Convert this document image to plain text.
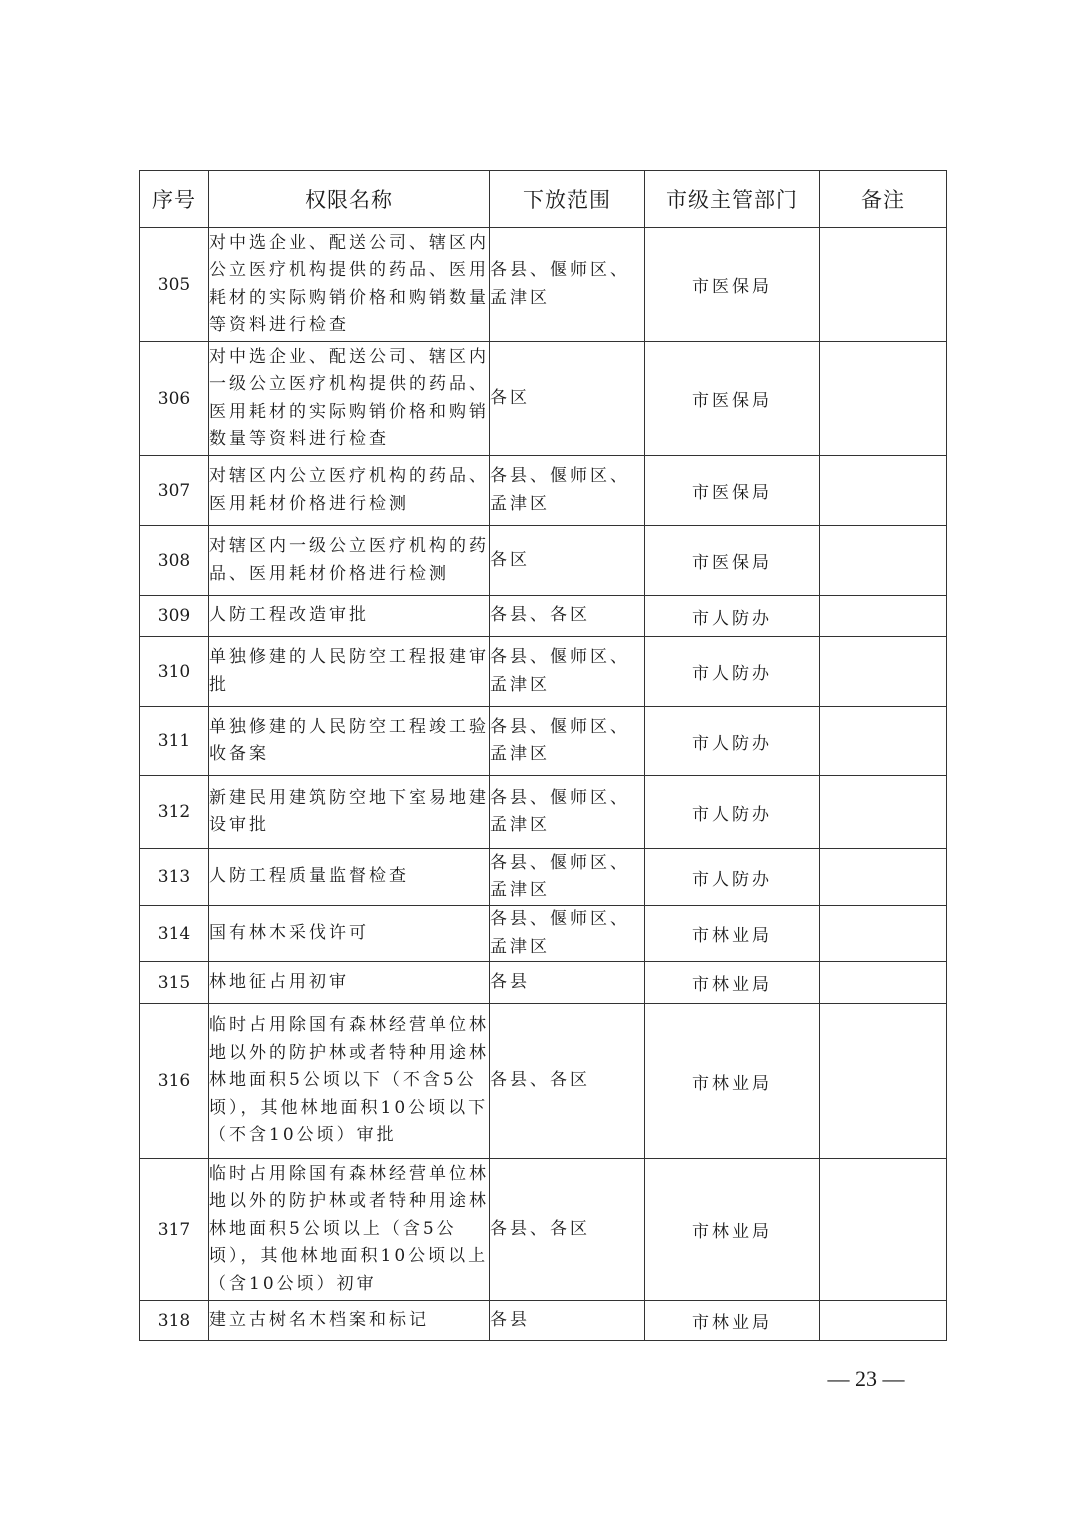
序号	权限名称	下放范围	市级主管部门	备注
305	对中选企业、配送公司、辖区内公立医疗机构提供的药品、医用耗材的实际购销价格和购销数量等资料进行检查	各县、偃师区、孟津区	市医保局	
306	对中选企业、配送公司、辖区内一级公立医疗机构提供的药品、医用耗材的实际购销价格和购销数量等资料进行检查	各区	市医保局	
307	对辖区内公立医疗机构的药品、医用耗材价格进行检测	各县、偃师区、孟津区	市医保局	
308	对辖区内一级公立医疗机构的药品、医用耗材价格进行检测	各区	市医保局	
309	人防工程改造审批	各县、各区	市人防办	
310	单独修建的人民防空工程报建审批	各县、偃师区、孟津区	市人防办	
311	单独修建的人民防空工程竣工验收备案	各县、偃师区、孟津区	市人防办	
312	新建民用建筑防空地下室易地建设审批	各县、偃师区、孟津区	市人防办	
313	人防工程质量监督检查	各县、偃师区、孟津区	市人防办	
314	国有林木采伐许可	各县、偃师区、孟津区	市林业局	
315	林地征占用初审	各县	市林业局	
316	临时占用除国有森林经营单位林地以外的防护林或者特种用途林林地面积5公顷以下（不含5公顷），其他林地面积10公顷以下（不含10公顷）审批	各县、各区	市林业局	
317	临时占用除国有森林经营单位林地以外的防护林或者特种用途林林地面积5公顷以上（含5公顷），其他林地面积10公顷以上（含10公顷）初审	各县、各区	市林业局	
318	建立古树名木档案和标记	各县	市林业局	
— 23 —
